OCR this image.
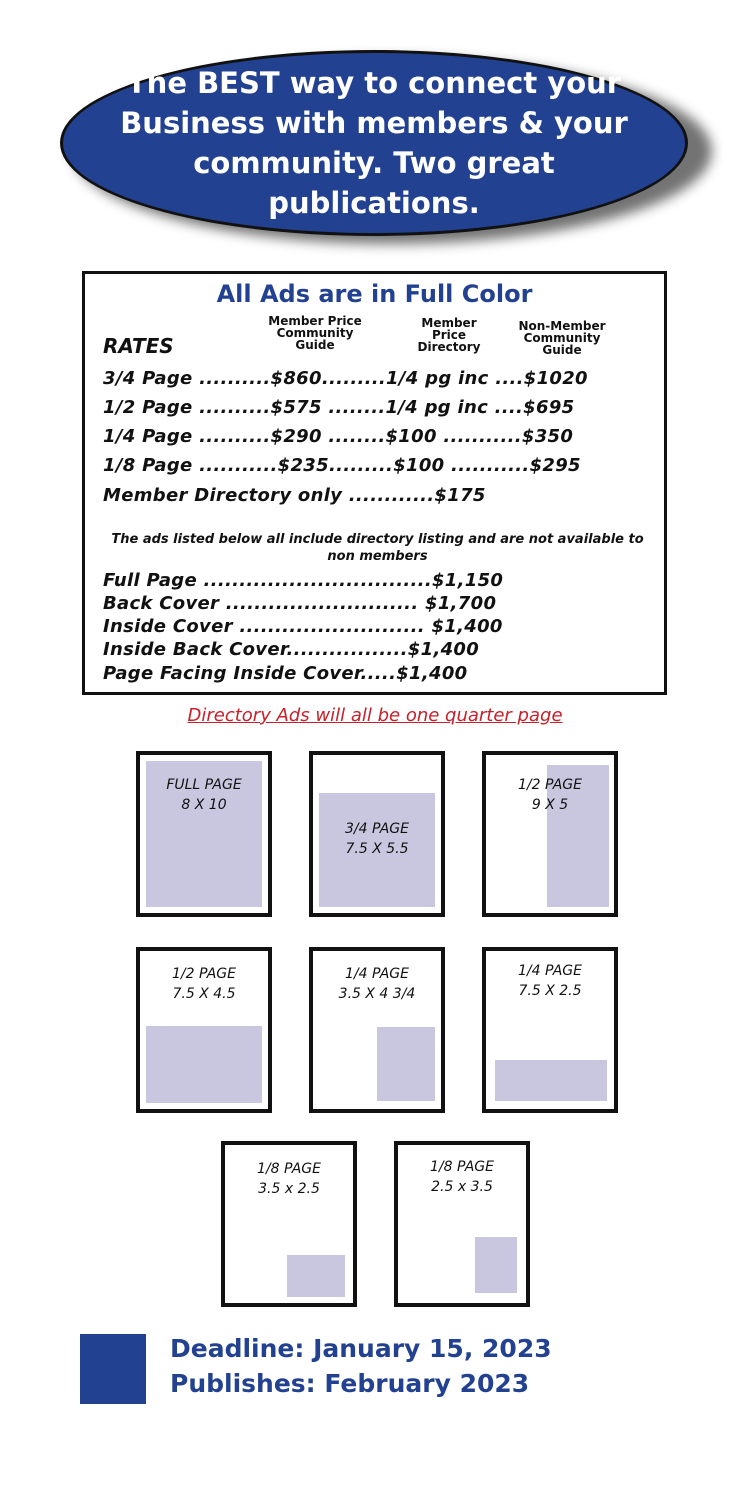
The BEST way to connect your Business with members & your community. Two great publications.
All Ads are in Full Color
RATES
Member Price
Community
Guide
Member
Price
Directory
Non-Member
Community
Guide
3/4 Page ..........$860.........1/4 pg inc ....$1020
1/2 Page ..........$575 ........1/4 pg inc ....$695
1/4 Page ..........$290 ........$100 ...........$350
1/8 Page ...........$235.........$100 ...........$295
Member Directory only ............$175
The ads listed below all include directory listing and are not available to non members
Full Page ................................$1,150
Back Cover ........................... $1,700
Inside Cover .......................... $1,400
Inside Back Cover.................$1,400
Page Facing Inside Cover.....$1,400
Directory Ads will all be one quarter page
FULL PAGE
8 X 10
3/4 PAGE
7.5 X 5.5
1/2 PAGE
9 X 5
1/2 PAGE
7.5 X 4.5
1/4 PAGE
3.5 X 4 3/4
1/4 PAGE
7.5 X 2.5
1/8 PAGE
3.5 x 2.5
1/8 PAGE
2.5 x 3.5
Deadline: January 15, 2023
Publishes: February 2023
